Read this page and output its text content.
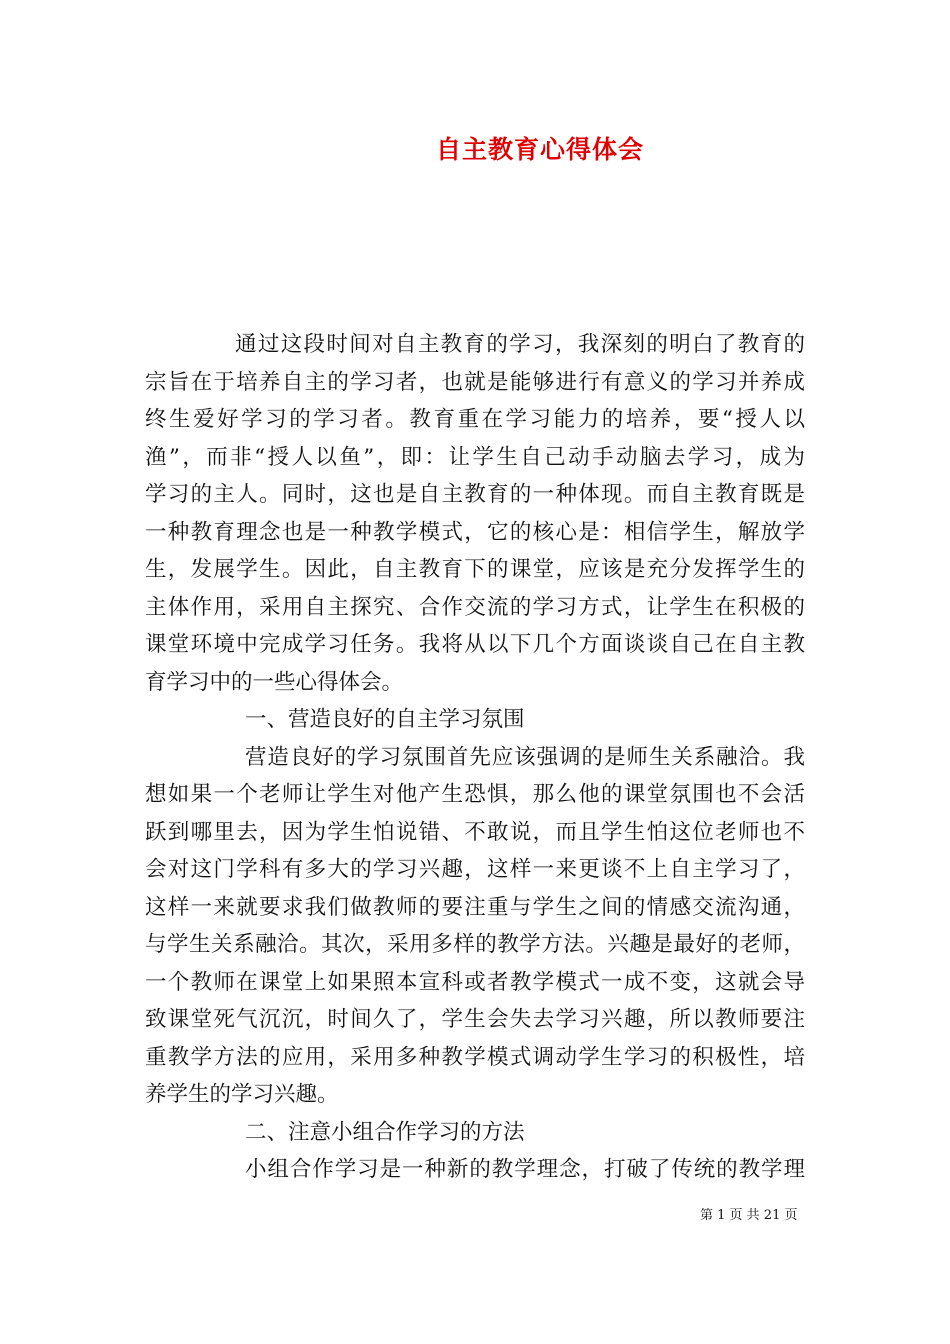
自主教育心得体会
通过这段时间对自主教育的学习，我深刻的明白了教育的
宗旨在于培养自主的学习者，也就是能够进行有意义的学习并养成
终生爱好学习的学习者。教育重在学习能力的培养，要“授人以
渔”，而非“授人以鱼”，即：让学生自己动手动脑去学习，成为
学习的主人。同时，这也是自主教育的一种体现。而自主教育既是
一种教育理念也是一种教学模式，它的核心是：相信学生，解放学
生，发展学生。因此，自主教育下的课堂，应该是充分发挥学生的
主体作用，采用自主探究、合作交流的学习方式，让学生在积极的
课堂环境中完成学习任务。我将从以下几个方面谈谈自己在自主教
育学习中的一些心得体会。
一、营造良好的自主学习氛围
营造良好的学习氛围首先应该强调的是师生关系融洽。我
想如果一个老师让学生对他产生恐惧，那么他的课堂氛围也不会活
跃到哪里去，因为学生怕说错、不敢说，而且学生怕这位老师也不
会对这门学科有多大的学习兴趣，这样一来更谈不上自主学习了，
这样一来就要求我们做教师的要注重与学生之间的情感交流沟通，
与学生关系融洽。其次，采用多样的教学方法。兴趣是最好的老师，
一个教师在课堂上如果照本宣科或者教学模式一成不变，这就会导
致课堂死气沉沉，时间久了，学生会失去学习兴趣，所以教师要注
重教学方法的应用，采用多种教学模式调动学生学习的积极性，培
养学生的学习兴趣。
二、注意小组合作学习的方法
小组合作学习是一种新的教学理念，打破了传统的教学理
第 1 页 共 21 页
